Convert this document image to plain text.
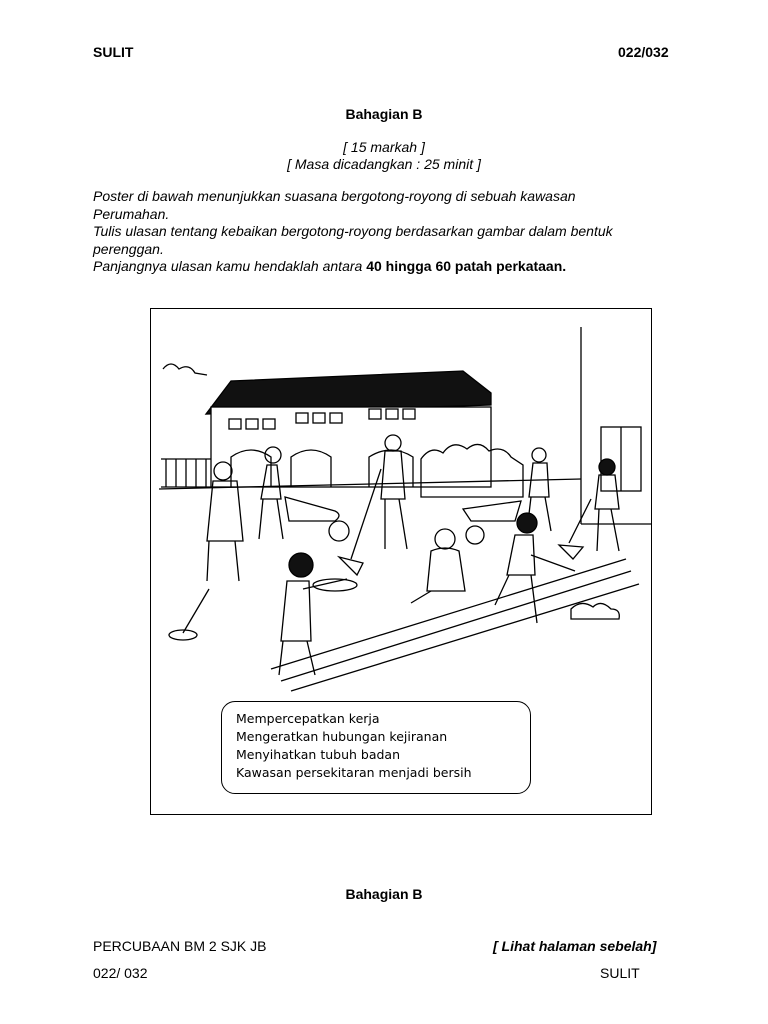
SULIT	022/032
Bahagian B
[ 15 markah ]
[ Masa dicadangkan : 25 minit ]
Poster di bawah menunjukkan suasana bergotong-royong di sebuah kawasan
Perumahan.
Tulis ulasan tentang kebaikan bergotong-royong berdasarkan gambar dalam bentuk
perenggan.
Panjangnya ulasan kamu hendaklah antara 40 hingga 60 patah perkataan.
Mempercepatkan kerja
Mengeratkan hubungan kejiranan
Menyihatkan tubuh badan
Kawasan persekitaran menjadi bersih
Bahagian B
PERCUBAAN BM 2 SJK JB	[ Lihat halaman sebelah]
022/ 032	SULIT
